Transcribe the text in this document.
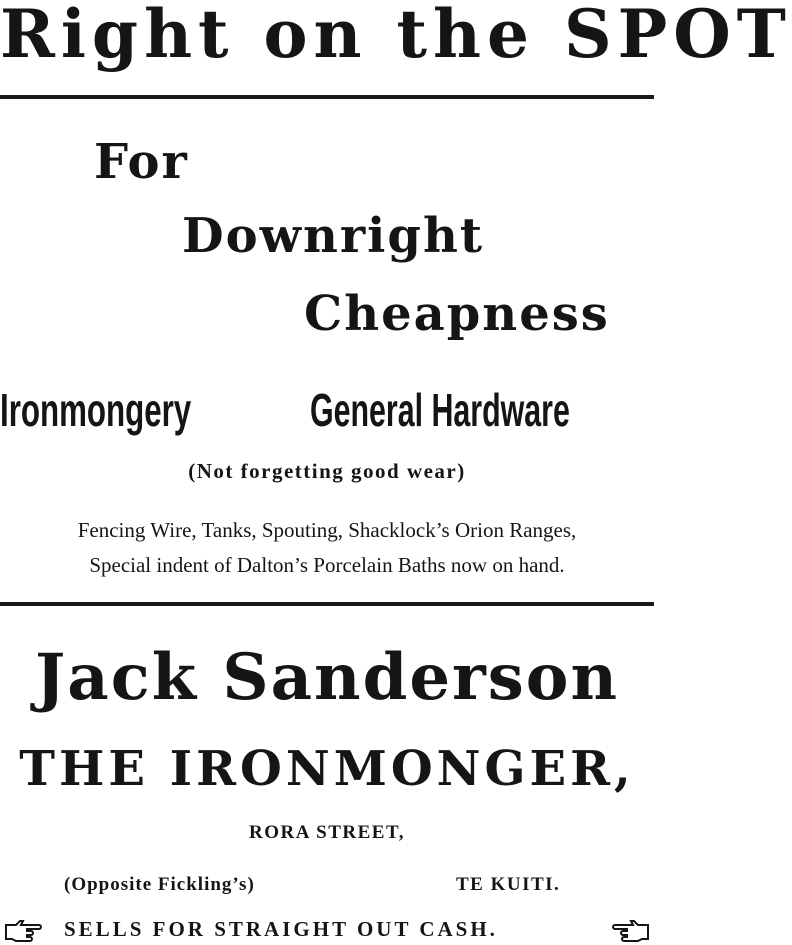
Right on the SPOT
For
Downright
Cheapness
Ironmongery	General Hardware
(Not forgetting good wear)
Fencing Wire, Tanks, Spouting, Shacklock’s Orion Ranges,
Special indent of Dalton’s Porcelain Baths now on hand.
Jack Sanderson
THE IRONMONGER,
RORA STREET,
(Opposite Fickling’s)	TE KUITI.
SELLS FOR STRAIGHT OUT CASH.
